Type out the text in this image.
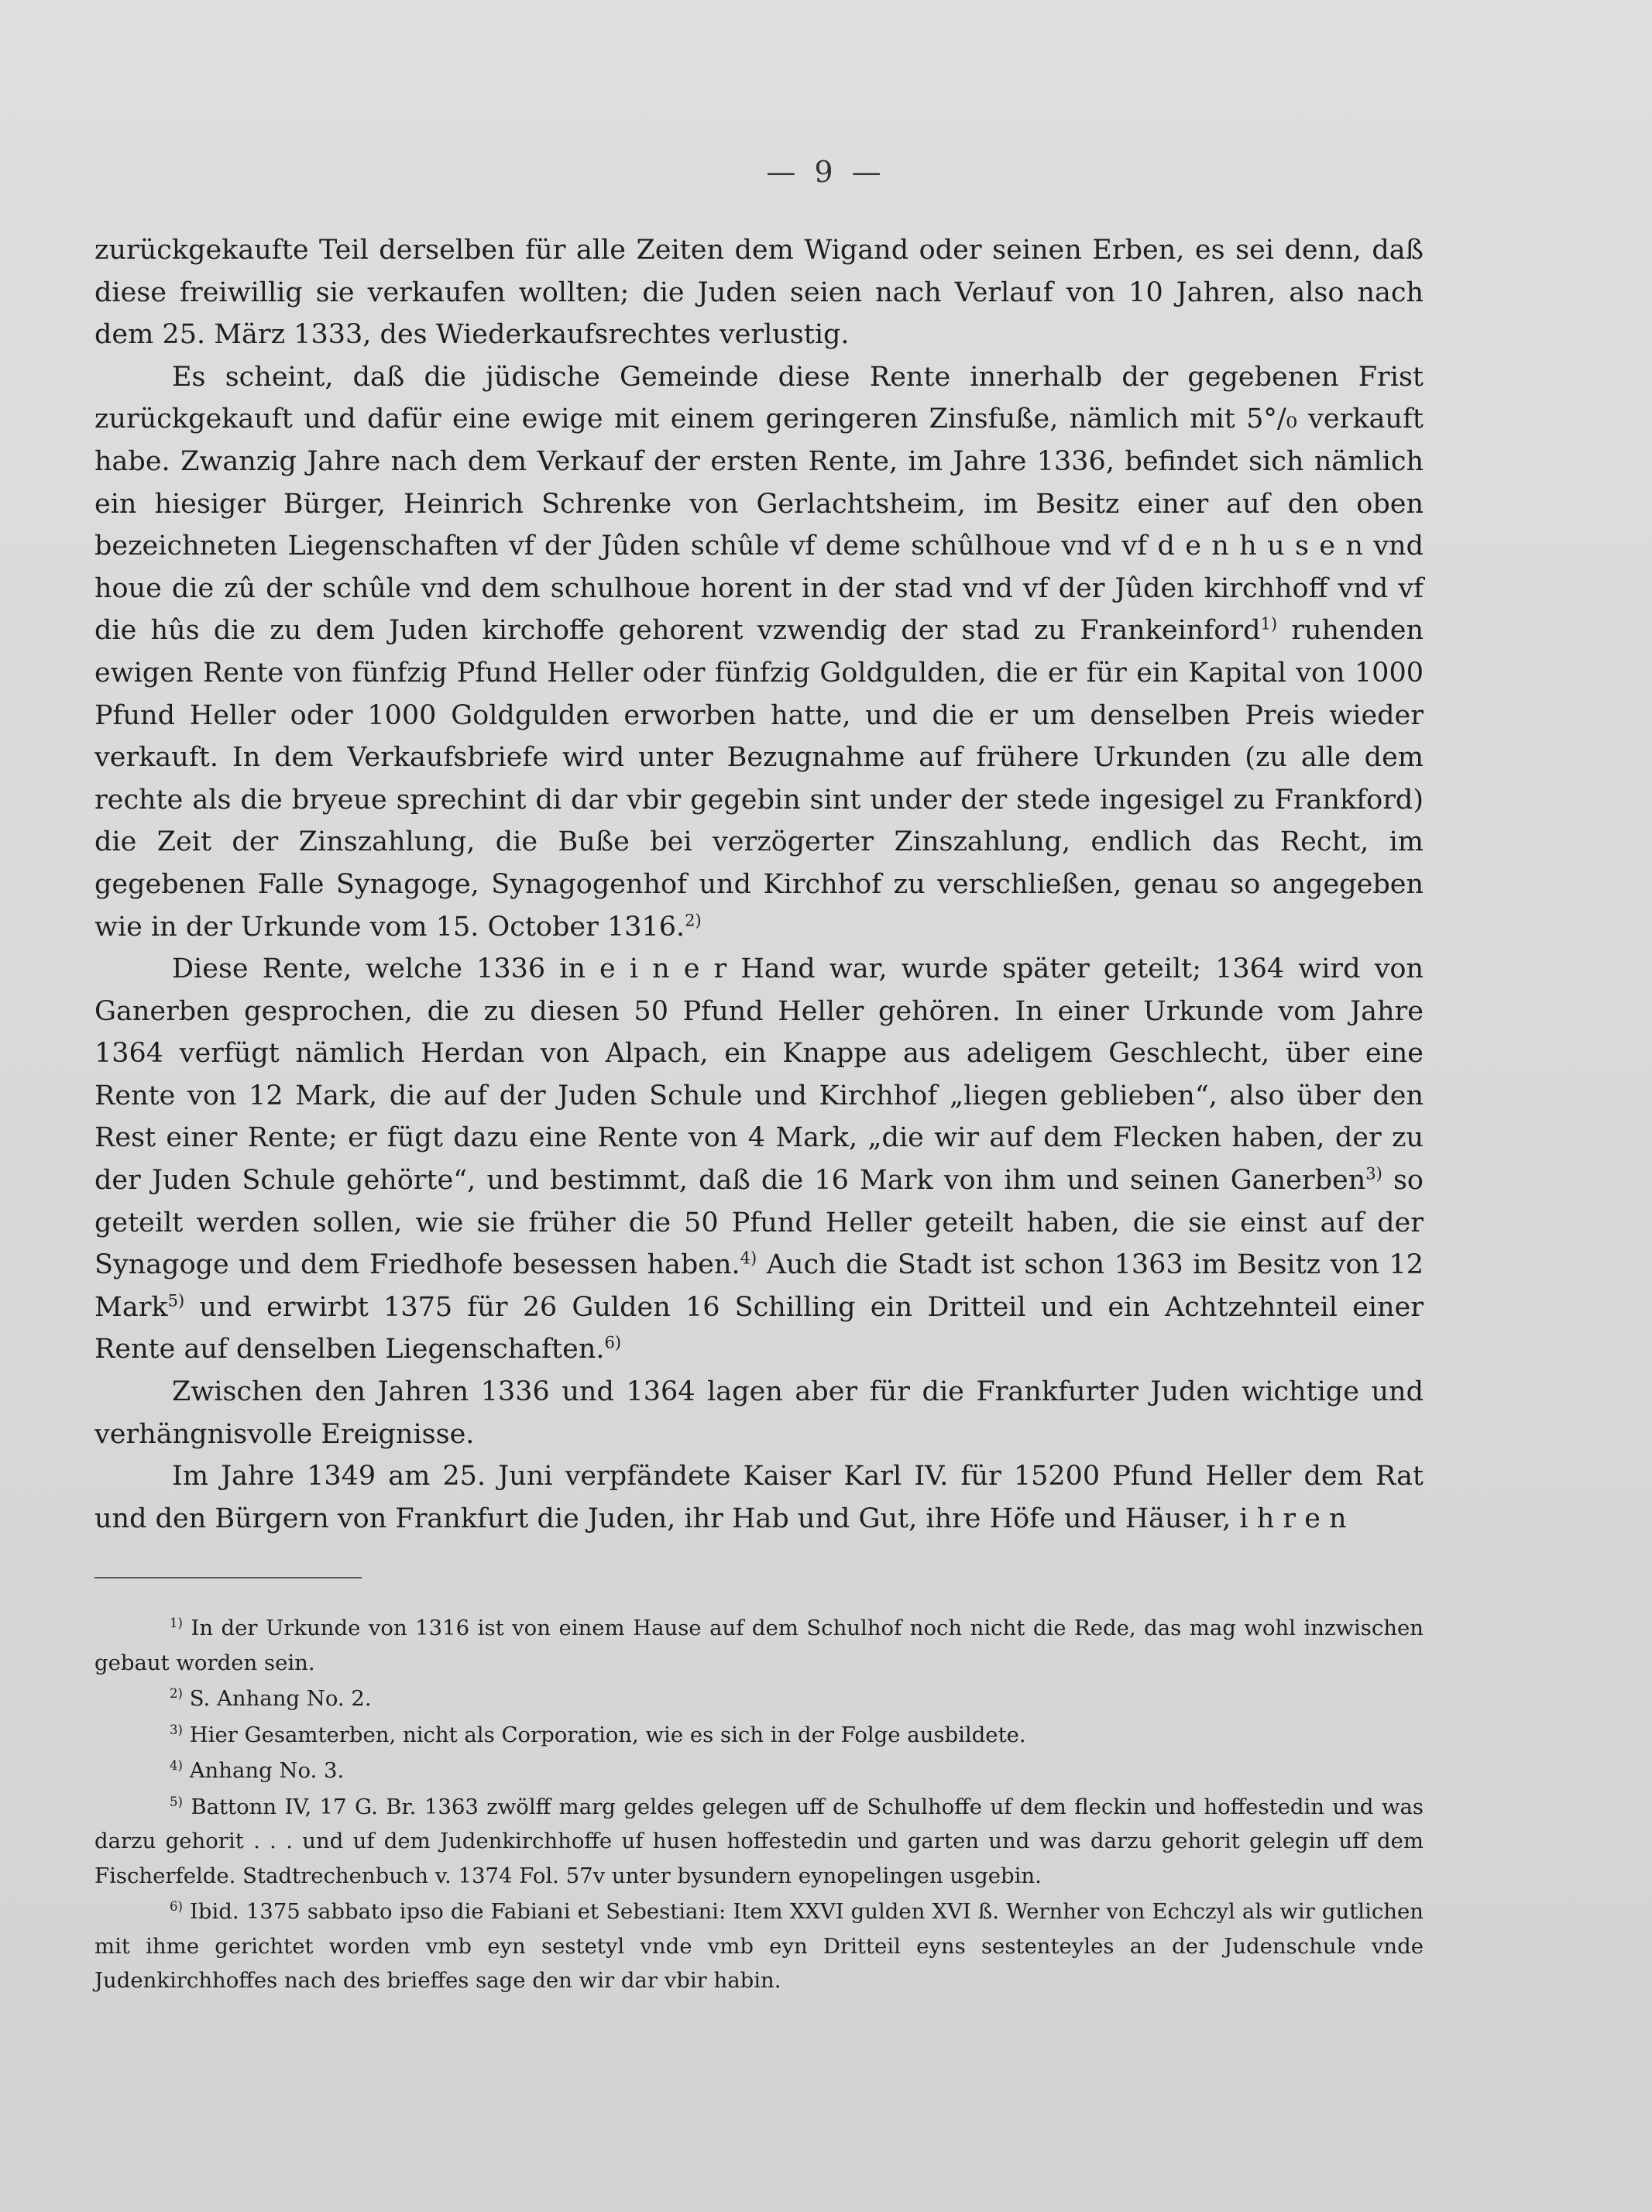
— 9 —

zurückgekaufte Teil derselben für alle Zeiten dem Wigand oder seinen Erben, es sei denn, daß diese freiwillig sie verkaufen wollten; die Juden seien nach Verlauf von 10 Jahren, also nach dem 25. März 1333, des Wiederkaufsrechtes verlustig.

Es scheint, daß die jüdische Gemeinde diese Rente innerhalb der gegebenen Frist zurückgekauft und dafür eine ewige mit einem geringeren Zinsfuße, nämlich mit 5°/₀ verkauft habe. Zwanzig Jahre nach dem Verkauf der ersten Rente, im Jahre 1336, befindet sich nämlich ein hiesiger Bürger, Heinrich Schrenke von Gerlachtsheim, im Besitz einer auf den oben bezeichneten Liegenschaften vf der Jûden schûle vf deme schûlhoue vnd vf d e n h u s e n vnd houe die zû der schûle vnd dem schulhoue horent in der stad vnd vf der Jûden kirchhoff vnd vf die hûs die zu dem Juden kirchoffe gehorent vzwendig der stad zu Frankeinford$^{1)}$ ruhenden ewigen Rente von fünfzig Pfund Heller oder fünfzig Goldgulden, die er für ein Kapital von 1000 Pfund Heller oder 1000 Goldgulden erworben hatte, und die er um denselben Preis wieder verkauft. In dem Verkaufsbriefe wird unter Bezugnahme auf frühere Urkunden (zu alle dem rechte als die bryeue sprechint di dar vbir gegebin sint under der stede ingesigel zu Frankford) die Zeit der Zinszahlung, die Buße bei verzögerter Zinszahlung, endlich das Recht, im gegebenen Falle Synagoge, Synagogenhof und Kirchhof zu verschließen, genau so angegeben wie in der Urkunde vom 15. October 1316.$^{2)}$

Diese Rente, welche 1336 in e i n e r Hand war, wurde später geteilt; 1364 wird von Ganerben gesprochen, die zu diesen 50 Pfund Heller gehören. In einer Urkunde vom Jahre 1364 verfügt nämlich Herdan von Alpach, ein Knappe aus adeligem Geschlecht, über eine Rente von 12 Mark, die auf der Juden Schule und Kirchhof „liegen geblieben“, also über den Rest einer Rente; er fügt dazu eine Rente von 4 Mark, „die wir auf dem Flecken haben, der zu der Juden Schule gehörte“, und bestimmt, daß die 16 Mark von ihm und seinen Ganerben$^{3)}$ so geteilt werden sollen, wie sie früher die 50 Pfund Heller geteilt haben, die sie einst auf der Synagoge und dem Friedhofe besessen haben.$^{4)}$ Auch die Stadt ist schon 1363 im Besitz von 12 Mark$^{5)}$ und erwirbt 1375 für 26 Gulden 16 Schilling ein Dritteil und ein Achtzehnteil einer Rente auf denselben Liegenschaften.$^{6)}$

Zwischen den Jahren 1336 und 1364 lagen aber für die Frankfurter Juden wichtige und verhängnisvolle Ereignisse.

Im Jahre 1349 am 25. Juni verpfändete Kaiser Karl IV. für 15200 Pfund Heller dem Rat und den Bürgern von Frankfurt die Juden, ihr Hab und Gut, ihre Höfe und Häuser, i h r e n

$^{1)}$ In der Urkunde von 1316 ist von einem Hause auf dem Schulhof noch nicht die Rede, das mag wohl inzwischen gebaut worden sein.

$^{2)}$ S. Anhang No. 2.

$^{3)}$ Hier Gesamterben, nicht als Corporation, wie es sich in der Folge ausbildete.

$^{4)}$ Anhang No. 3.

$^{5)}$ Battonn IV, 17 G. Br. 1363 zwölff marg geldes gelegen uff de Schulhoffe uf dem fleckin und hoffestedin und was darzu gehorit . . . und uf dem Judenkirchhoffe uf husen hoffestedin und garten und was darzu gehorit gelegin uff dem Fischerfelde. Stadtrechenbuch v. 1374 Fol. 57v unter bysundern eynopelingen usgebin.

$^{6)}$ Ibid. 1375 sabbato ipso die Fabiani et Sebestiani: Item XXVI gulden XVI ß. Wernher von Echczyl als wir gutlichen mit ihme gerichtet worden vmb eyn sestetyl vnde vmb eyn Dritteil eyns sestenteyles an der Judenschule vnde Judenkirchhoffes nach des brieffes sage den wir dar vbir habin.
